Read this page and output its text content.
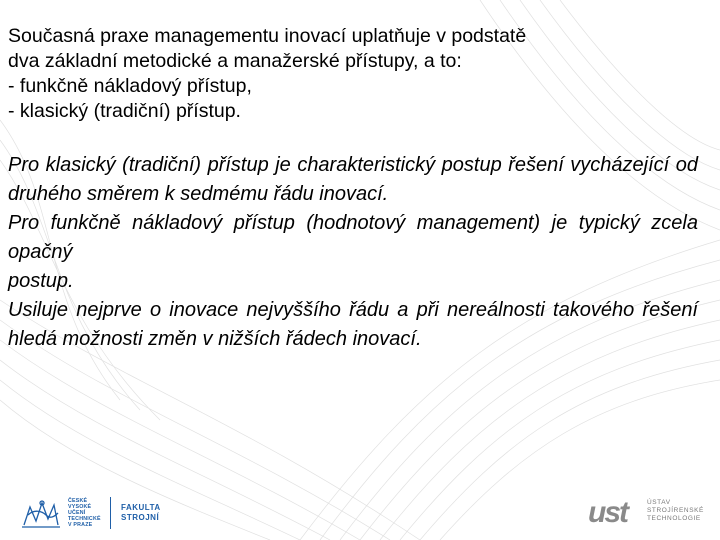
Současná praxe managementu inovací uplatňuje v podstatě

dva základní metodické a manažerské přístupy, a to:

- funkčně nákladový přístup,

- klasický (tradiční) přístup.

Pro klasický (tradiční) přístup je charakteristický postup řešení vycházející od druhého směrem k sedmému řádu inovací.

Pro funkčně nákladový přístup (hodnotový management) je typický zcela opačný

postup.

Usiluje nejprve o inovace nejvyššího řádu a při nereálnosti takového řešení hledá možnosti změn v nižších řádech inovací.

ČESKÉ
VYSOKÉ
UČENÍ
TECHNICKÉ
V PRAZE
FAKULTA
STROJNÍ	ust	ÚSTAV
STROJÍRENSKÉ
TECHNOLOGIE
